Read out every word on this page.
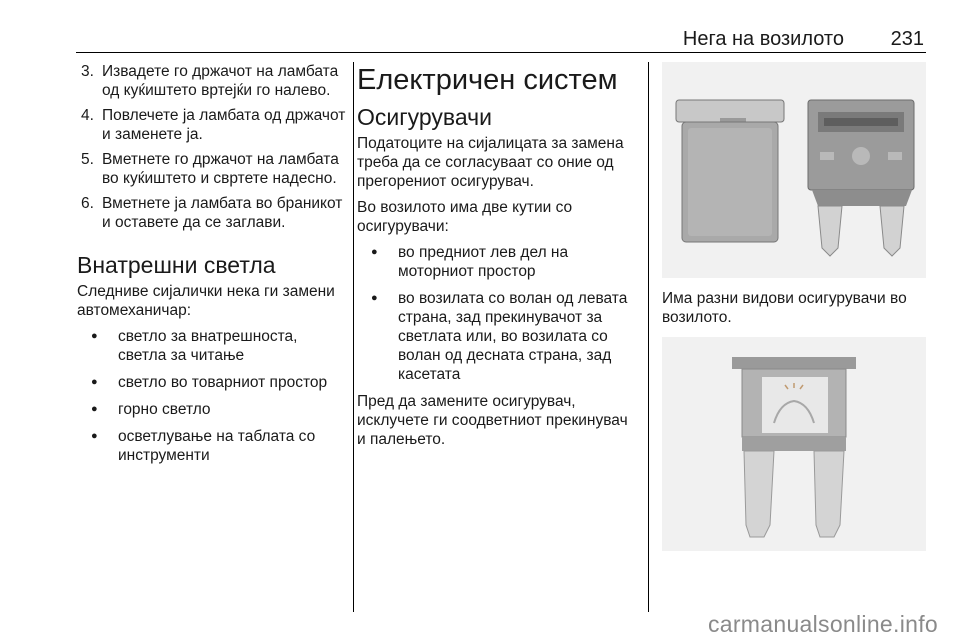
Нега на возилото 231
3. Извадете го држачот на ламбата од куќиштето вртејќи го налево.
4. Повлечете ја ламбата од држачот и заменете ја.
5. Вметнете го држачот на ламбата во куќиштето и свртете надесно.
6. Вметнете ја ламбата во браникот и оставете да се заглави.
Внатрешни светла

Следниве сијалички нека ги замени автомеханичар:

● светло за внатрешноста, светла за читање
● светло во товарниот простор
● горно светло
● осветлување на таблата со инструменти
Електричен систем
Осигурувачи

Податоците на сијалицата за замена треба да се согласуваат со оние од прегорениот осигурувач.

Во возилото има две кутии со осигурувачи:

● во предниот лев дел на моторниот простор
● во возилата со волан од левата страна, зад прекинувачот за светлата или, во возилата со волан од десната страна, зад касетата

Пред да замените осигурувач, исклучете ги соодветниот прекинувач и палењето.

Има разни видови осигурувачи во возилото.
carmanualsonline.info
